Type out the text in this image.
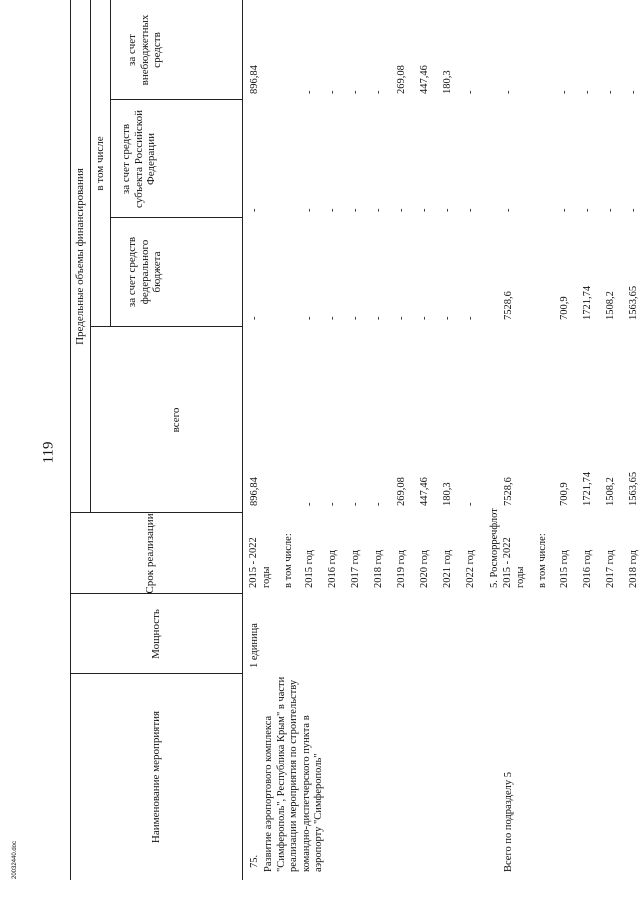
119
20032440.doc
Наименование мероприятия
Мощность
Срок реализации
Предельные объемы финансирования
всего
в том числе
за счет средств федерального бюджета
за счет средств субъекта Российской Федерации
за счет внебюджетных средств
75. Развитие аэропортового комплекса "Симферополь", Республика Крым" в части реализации мероприятия по строительству командно-диспетчерского пункта в аэропорту "Симферополь"
1 единица
2015 - 2022 годы
896,84
-
-
896,84
в том числе: 2015 год
-
-
-
-
2016 год
-
-
-
-
2017 год
-
-
-
-
2018 год
-
-
-
-
2019 год
269,08
-
-
269,08
2020 год
447,46
-
-
447,46
2021 год
180,3
-
-
180,3
2022 год
-
-
-
-
5. Росморречфлот
Всего по подразделу 5
2015 - 2022 годы
7528,6
7528,6
-
-
в том числе: 2015 год
700,9
700,9
-
-
2016 год
1721,74
1721,74
-
-
2017 год
1508,2
1508,2
-
-
2018 год
1563,65
1563,65
-
-
